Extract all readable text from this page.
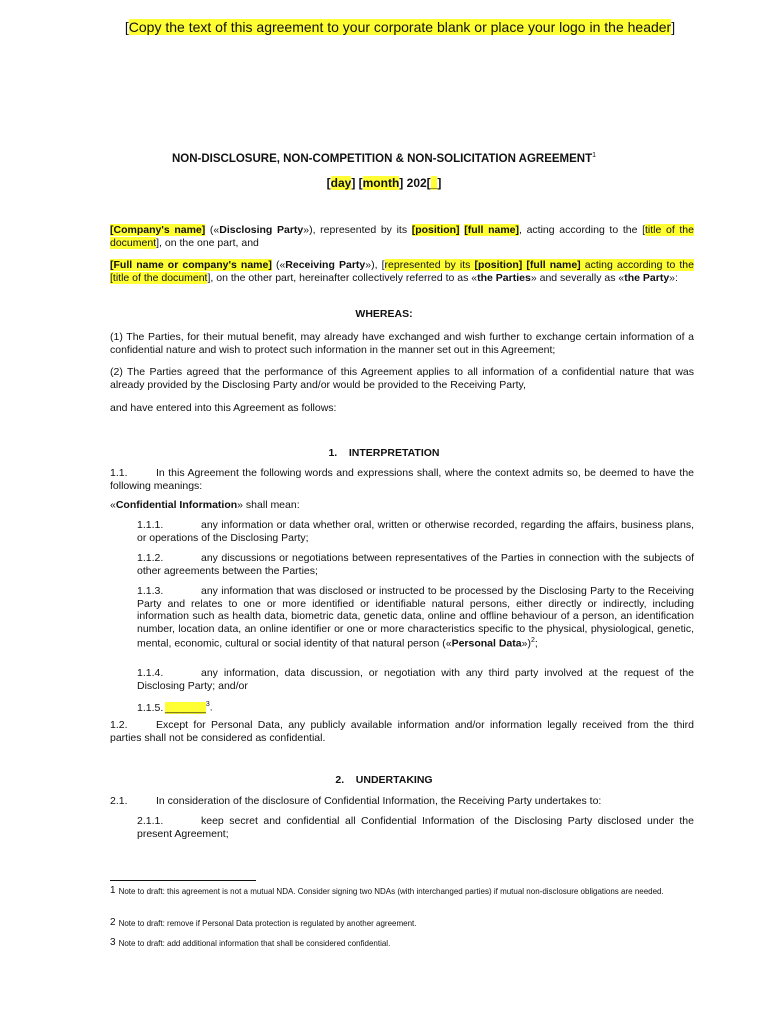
[Copy the text of this agreement to your corporate blank or place your logo in the header]
NON-DISCLOSURE, NON-COMPETITION & NON-SOLICITATION AGREEMENT$^1$
[day] [month] 202[_]
[Company's name] («Disclosing Party»), represented by its [position] [full name], acting according to the [title of the document], on the one part, and
[Full name or company's name] («Receiving Party»), [represented by its [position] [full name] acting according to the [title of the document], on the other part, hereinafter collectively referred to as «the Parties» and severally as «the Party»:
WHEREAS:
(1) The Parties, for their mutual benefit, may already have exchanged and wish further to exchange certain information of a confidential nature and wish to protect such information in the manner set out in this Agreement;
(2) The Parties agreed that the performance of this Agreement applies to all information of a confidential nature that was already provided by the Disclosing Party and/or would be provided to the Receiving Party,
and have entered into this Agreement as follows:
1.    INTERPRETATION
1.1.	In this Agreement the following words and expressions shall, where the context admits so, be deemed to have the following meanings:
«Confidential Information» shall mean:
1.1.1.	any information or data whether oral, written or otherwise recorded, regarding the affairs, business plans, or operations of the Disclosing Party;
1.1.2.	any discussions or negotiations between representatives of the Parties in connection with the subjects of other agreements between the Parties;
1.1.3.	any information that was disclosed or instructed to be processed by the Disclosing Party to the Receiving Party and relates to one or more identified or identifiable natural persons, either directly or indirectly, including information such as health data, biometric data, genetic data, online and offline behaviour of a person, an identification number, location data, an online identifier or one or more characteristics specific to the physical, physiological, genetic, mental, economic, cultural or social identity of that natural person («Personal Data»)$^2$;
1.1.4.	any information, data discussion, or negotiation with any third party involved at the request of the Disclosing Party; and/or
1.1.5. _______$^3$.
1.2.	Except for Personal Data, any publicly available information and/or information legally received from the third parties shall not be considered as confidential.
2.    UNDERTAKING
2.1.	In consideration of the disclosure of Confidential Information, the Receiving Party undertakes to:
2.1.1.	keep secret and confidential all Confidential Information of the Disclosing Party disclosed under the present Agreement;
1 Note to draft: this agreement is not a mutual NDA. Consider signing two NDAs (with interchanged parties) if mutual non-disclosure obligations are needed.
2 Note to draft: remove if Personal Data protection is regulated by another agreement.
3 Note to draft: add additional information that shall be considered confidential.
